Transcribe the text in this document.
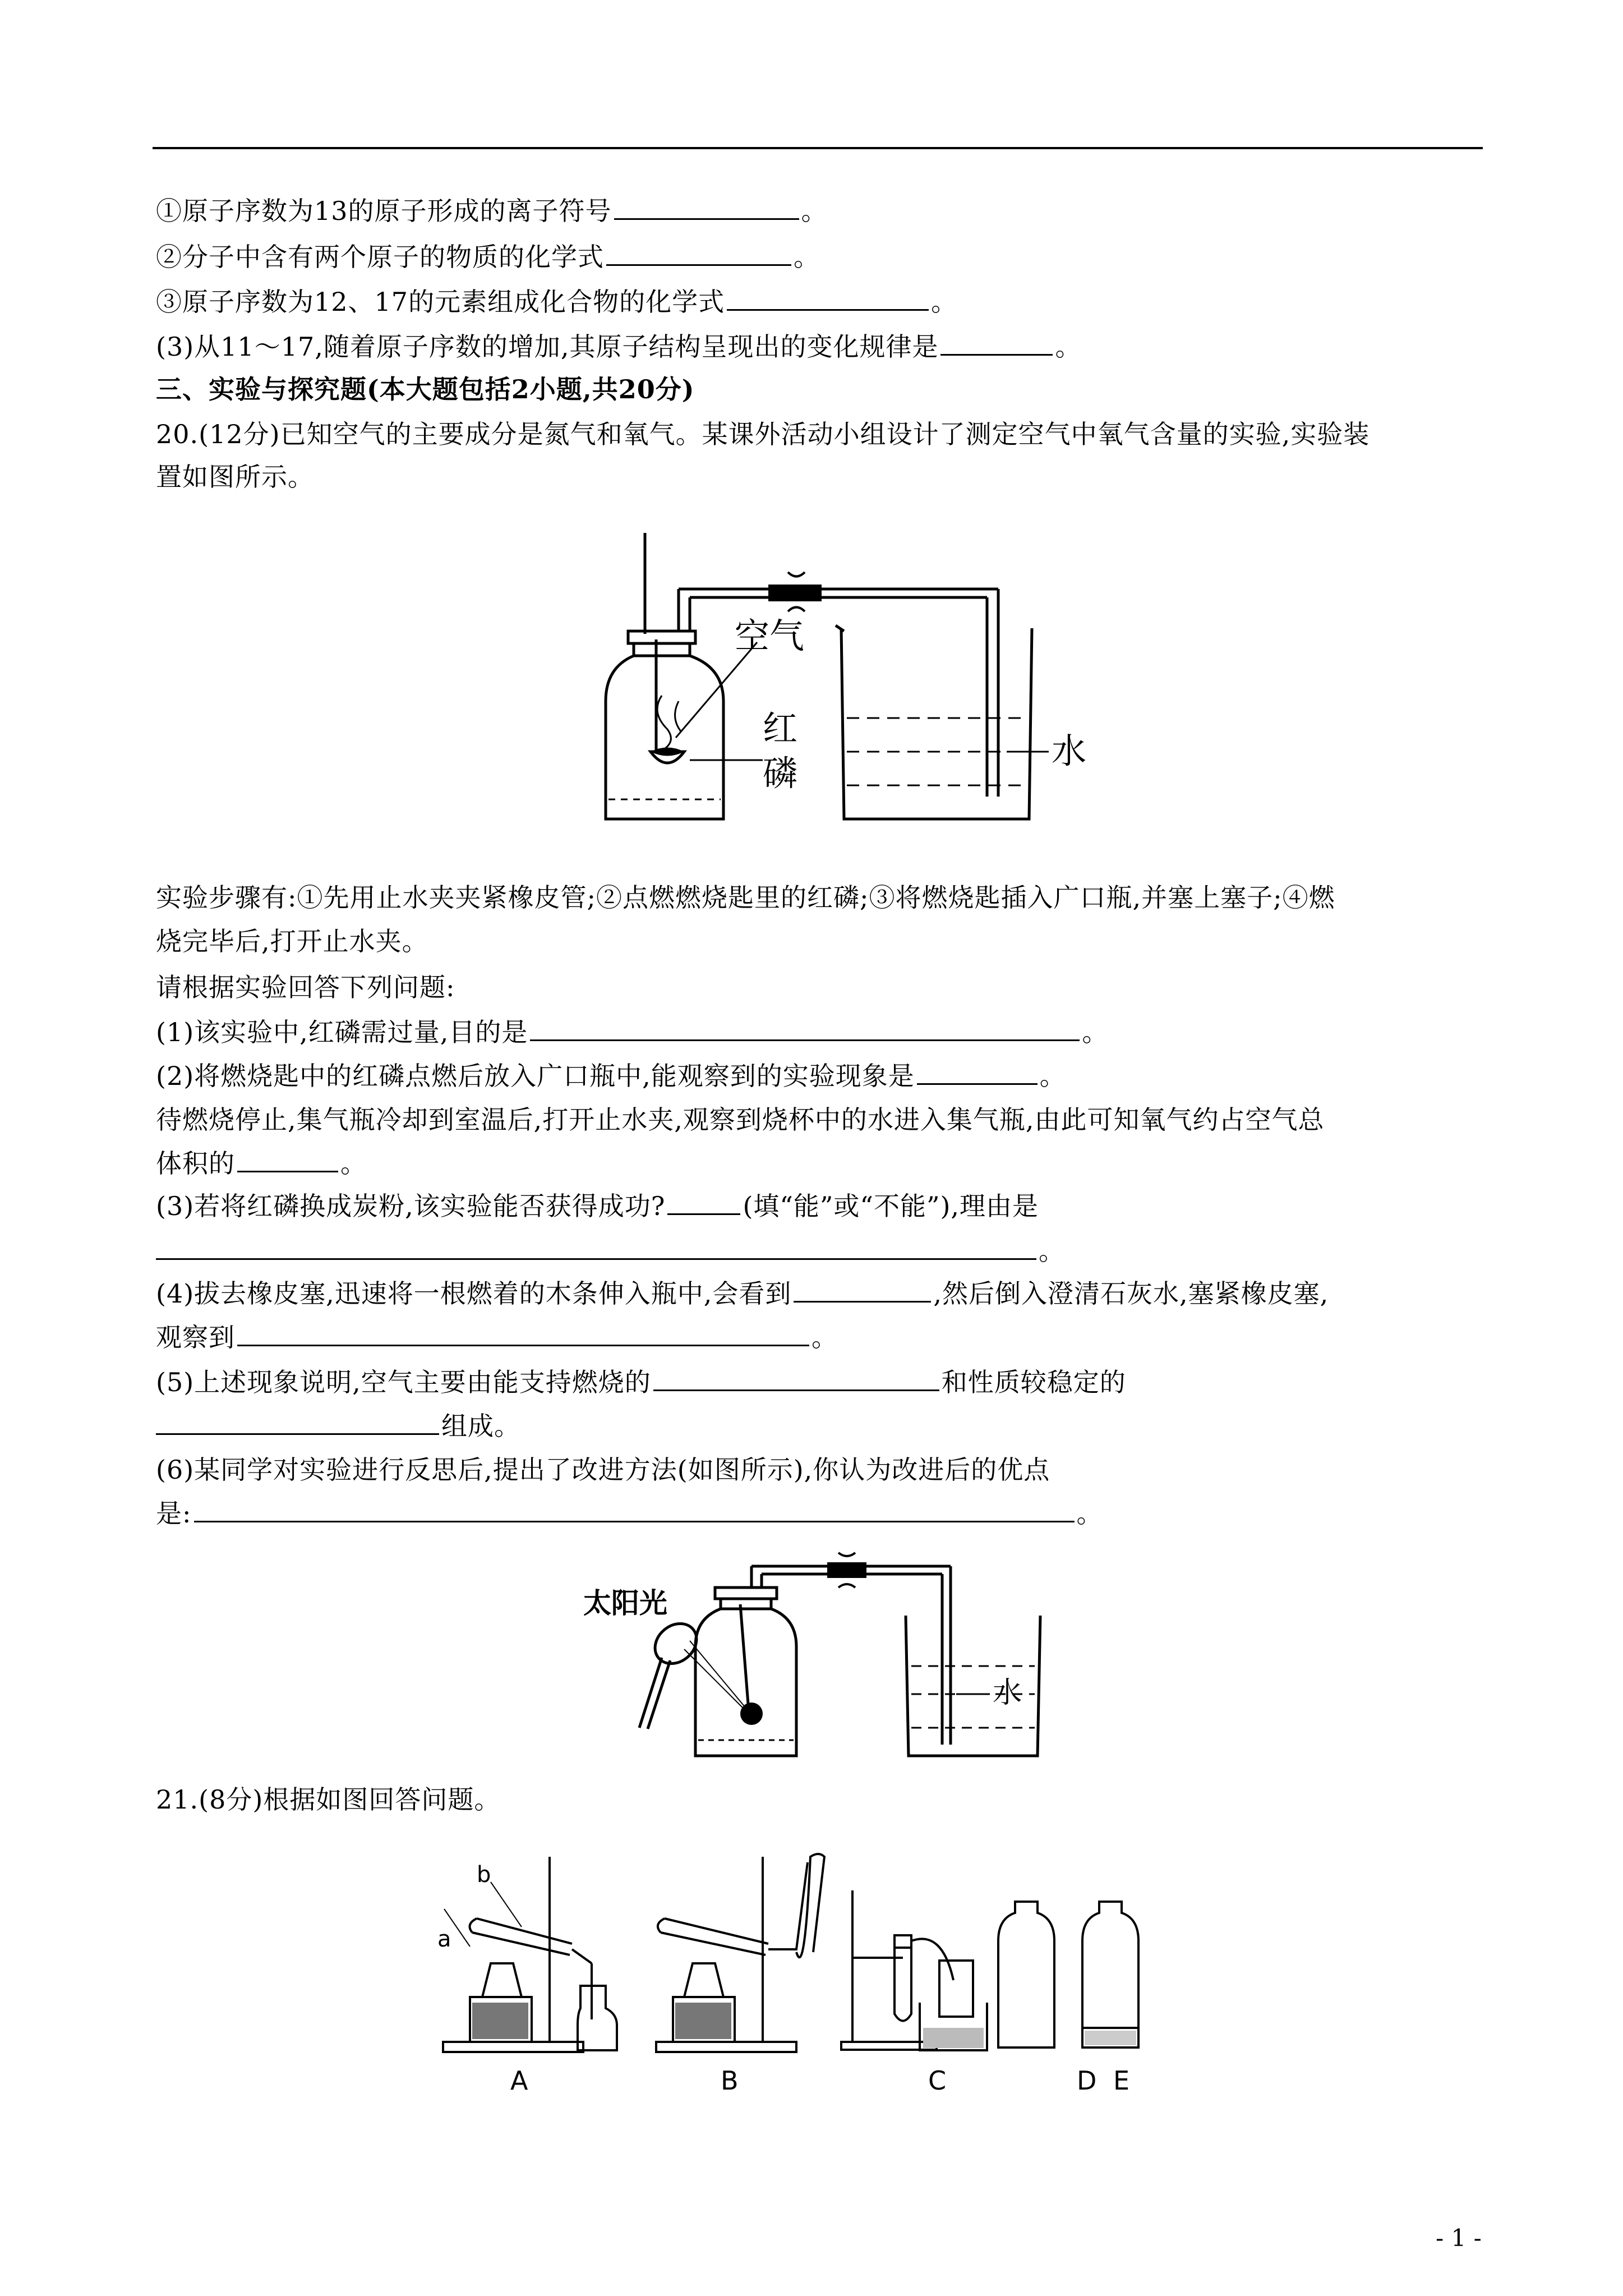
①原子序数为13的原子形成的离子符号	。
②分子中含有两个原子的物质的化学式	。
③原子序数为12、17的元素组成化合物的化学式	。
(3)从11～17,随着原子序数的增加,其原子结构呈现出的变化规律是	。
三、实验与探究题(本大题包括2小题,共20分)
20.(12分)已知空气的主要成分是氮气和氧气。某课外活动小组设计了测定空气中氧气含量的实验,实验装
置如图所示。
空气
红
磷
水
实验步骤有:①先用止水夹夹紧橡皮管;②点燃燃烧匙里的红磷;③将燃烧匙插入广口瓶,并塞上塞子;④燃
烧完毕后,打开止水夹。
请根据实验回答下列问题:
(1)该实验中,红磷需过量,目的是	。
(2)将燃烧匙中的红磷点燃后放入广口瓶中,能观察到的实验现象是	。
待燃烧停止,集气瓶冷却到室温后,打开止水夹,观察到烧杯中的水进入集气瓶,由此可知氧气约占空气总
体积的	。
(3)若将红磷换成炭粉,该实验能否获得成功?	(填“能”或“不能”),理由是
。
(4)拔去橡皮塞,迅速将一根燃着的木条伸入瓶中,会看到	,然后倒入澄清石灰水,塞紧橡皮塞,
观察到	。
(5)上述现象说明,空气主要由能支持燃烧的	和性质较稳定的
组成。
(6)某同学对实验进行反思后,提出了改进方法(如图所示),你认为改进后的优点
是:	。
太阳光
水
21.(8分)根据如图回答问题。
b
a
A	B	C	D E
- 1 -
